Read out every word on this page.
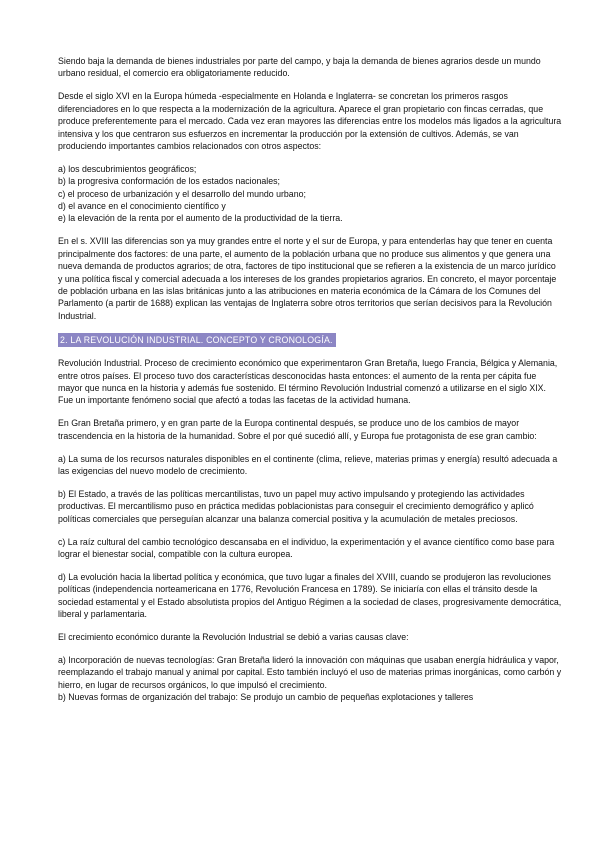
Siendo baja la demanda de bienes industriales por parte del campo, y baja la demanda de bienes agrarios desde un mundo urbano residual, el comercio era obligatoriamente reducido.

Desde el siglo XVI en la Europa húmeda -especialmente en Holanda e Inglaterra- se concretan los primeros rasgos diferenciadores en lo que respecta a la modernización de la agricultura. Aparece el gran propietario con fincas cerradas, que produce preferentemente para el mercado. Cada vez eran mayores las diferencias entre los modelos más ligados a la agricultura intensiva y los que centraron sus esfuerzos en incrementar la producción por la extensión de cultivos. Además, se van produciendo importantes cambios relacionados con otros aspectos:

a) los descubrimientos geográficos;
b) la progresiva conformación de los estados nacionales;
c) el proceso de urbanización y el desarrollo del mundo urbano;
d) el avance en el conocimiento científico y
e) la elevación de la renta por el aumento de la productividad de la tierra.

En el s. XVIII las diferencias son ya muy grandes entre el norte y el sur de Europa, y para entenderlas hay que tener en cuenta principalmente dos factores: de una parte, el aumento de la población urbana que no produce sus alimentos y que genera una nueva demanda de productos agrarios; de otra, factores de tipo institucional que se refieren a la existencia de un marco jurídico y una política fiscal y comercial adecuada a los intereses de los grandes propietarios agrarios. En concreto, el mayor porcentaje de población urbana en las islas británicas junto a las atribuciones en materia económica de la Cámara de los Comunes del Parlamento (a partir de 1688) explican las ventajas de Inglaterra sobre otros territorios que serían decisivos para la Revolución Industrial.

2. LA REVOLUCIÓN INDUSTRIAL. CONCEPTO Y CRONOLOGÍA.

Revolución Industrial. Proceso de crecimiento económico que experimentaron Gran Bretaña, luego Francia, Bélgica y Alemania, entre otros países. El proceso tuvo dos características desconocidas hasta entonces: el aumento de la renta per cápita fue mayor que nunca en la historia y además fue sostenido. El término Revolución Industrial comenzó a utilizarse en el siglo XIX. Fue un importante fenómeno social que afectó a todas las facetas de la actividad humana.

En Gran Bretaña primero, y en gran parte de la Europa continental después, se produce uno de los cambios de mayor trascendencia en la historia de la humanidad. Sobre el por qué sucedió allí, y Europa fue protagonista de ese gran cambio:

a) La suma de los recursos naturales disponibles en el continente (clima, relieve, materias primas y energía) resultó adecuada a las exigencias del nuevo modelo de crecimiento.

b) El Estado, a través de las políticas mercantilistas, tuvo un papel muy activo impulsando y protegiendo las actividades productivas. El mercantilismo puso en práctica medidas poblacionistas para conseguir el crecimiento demográfico y aplicó políticas comerciales que perseguían alcanzar una balanza comercial positiva y la acumulación de metales preciosos.

c) La raíz cultural del cambio tecnológico descansaba en el individuo, la experimentación y el avance científico como base para lograr el bienestar social, compatible con la cultura europea.

d) La evolución hacia la libertad política y económica, que tuvo lugar a finales del XVIII, cuando se produjeron las revoluciones políticas (independencia norteamericana en 1776, Revolución Francesa en 1789). Se iniciaría con ellas el tránsito desde la sociedad estamental y el Estado absolutista propios del Antiguo Régimen a la sociedad de clases, progresivamente democrática, liberal y parlamentaria.

El crecimiento económico durante la Revolución Industrial se debió a varias causas clave:

a) Incorporación de nuevas tecnologías: Gran Bretaña lideró la innovación con máquinas que usaban energía hidráulica y vapor, reemplazando el trabajo manual y animal por capital. Esto también incluyó el uso de materias primas inorgánicas, como carbón y hierro, en lugar de recursos orgánicos, lo que impulsó el crecimiento.
b) Nuevas formas de organización del trabajo: Se produjo un cambio de pequeñas explotaciones y talleres
